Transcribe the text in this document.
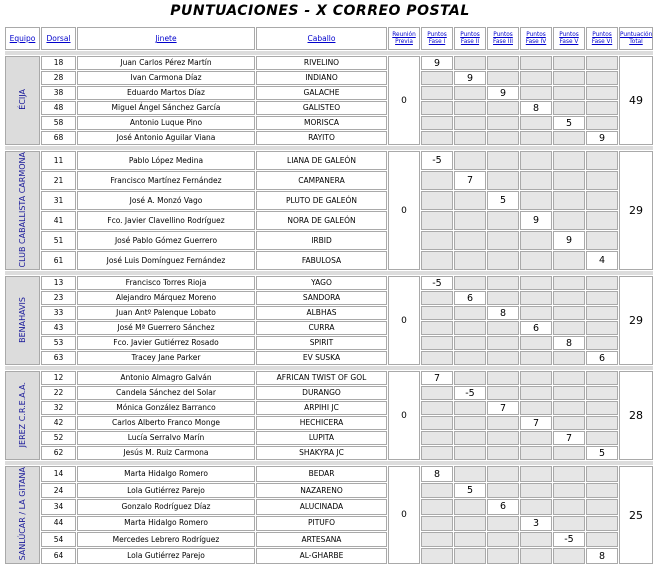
PUNTUACIONES - X CORREO POSTAL
Equipo	Dorsal	Jinete	Caballo	Reunión Previa	Puntos Fase I	Puntos Fase II	Puntos Fase III	Puntos Fase IV	Puntos Fase V	Puntos Fase VI	Puntuación Total

ÉCIJA	18	Juan Carlos Pérez Martín	RIVELINO	0	9						49
	28	Ivan Carmona Díaz	INDIANO			9					
	38	Eduardo Martos Díaz	GALACHE				9				
	48	Miguel Ángel Sánchez García	GALISTEO					8			
	58	Antonio Luque Pino	MORISCA						5		
	68	José Antonio Aguilar Viana	RAYITO							9	

CLUB CABALLISTA CARMONA	11	Pablo López Medina	LIANA DE GALEÓN	0	-5						29
	21	Francisco Martínez Fernández	CAMPANERA			7					
	31	José A. Monzó Vago	PLUTO DE GALEÓN				5				
	41	Fco. Javier Clavellino Rodríguez	NORA DE GALEÓN					9			
	51	José Pablo Gómez Guerrero	IRBID						9		
	61	José Luis Domínguez Fernández	FABULOSA							4	

BENAHAVIS	13	Francisco Torres Rioja	YAGO	0	-5						29
	23	Alejandro Márquez Moreno	SANDORA			6					
	33	Juan Antº Palenque Lobato	ALBHAS				8				
	43	José Mª Guerrero Sánchez	CURRA					6			
	53	Fco. Javier Gutiérrez Rosado	SPIRIT						8		
	63	Tracey Jane Parker	EV SUSKA							6	

JEREZ C.R.E.A.A.	12	Antonio Almagro Galván	AFRICAN TWIST OF GOL	0	7						28
	22	Candela Sánchez del Solar	DURANGO			-5					
	32	Mónica González Barranco	ARPIHI JC				7				
	42	Carlos Alberto Franco Monge	HECHICERA					7			
	52	Lucía Serralvo Marín	LUPITA						7		
	62	Jesús M. Ruiz Carmona	SHAKYRA JC							5	

SANLÚCAR / LA GITANA	14	Marta Hidalgo Romero	BEDAR	0	8						25
	24	Lola Gutiérrez Parejo	NAZARENO			5					
	34	Gonzalo Rodríguez Díaz	ALUCINADA				6				
	44	Marta Hidalgo Romero	PITUFO					3			
	54	Mercedes Lebrero Rodríguez	ARTESANA						-5		
	64	Lola Gutiérrez Parejo	AL-GHARBE							8	
